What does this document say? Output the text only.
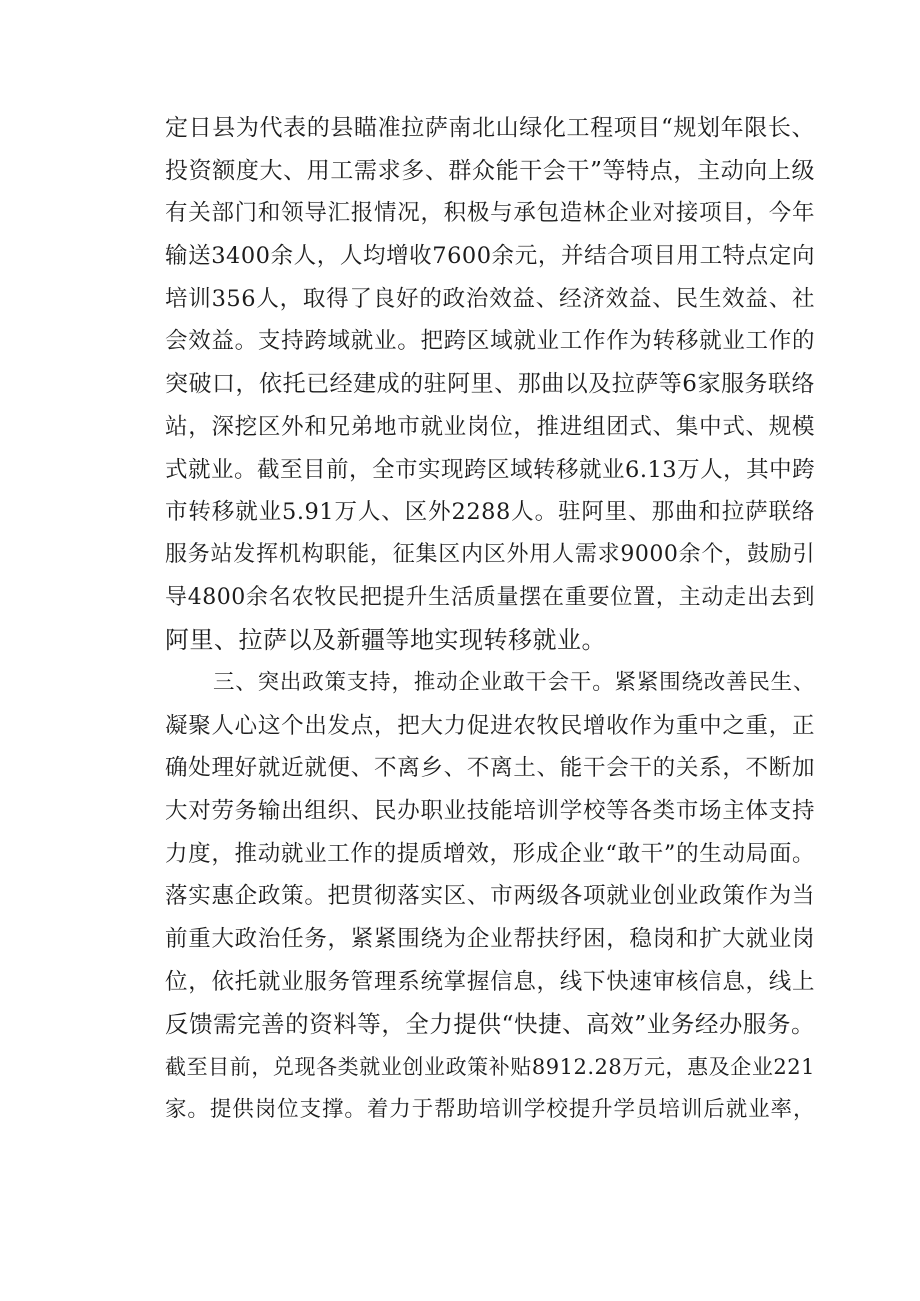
定日县为代表的县瞄准拉萨南北山绿化工程项目“规划年限长、
投资额度大、用工需求多、群众能干会干”等特点，主动向上级
有关部门和领导汇报情况，积极与承包造林企业对接项目，今年
输送3400余人，人均增收7600余元，并结合项目用工特点定向
培训356人，取得了良好的政治效益、经济效益、民生效益、社
会效益。支持跨域就业。把跨区域就业工作作为转移就业工作的
突破口，依托已经建成的驻阿里、那曲以及拉萨等6家服务联络
站，深挖区外和兄弟地市就业岗位，推进组团式、集中式、规模
式就业。截至目前，全市实现跨区域转移就业6.13万人，其中跨
市转移就业5.91万人、区外2288人。驻阿里、那曲和拉萨联络
服务站发挥机构职能，征集区内区外用人需求9000余个，鼓励引
导4800余名农牧民把提升生活质量摆在重要位置，主动走出去到
阿里、拉萨以及新疆等地实现转移就业。
三、突出政策支持，推动企业敢干会干。紧紧围绕改善民生、
凝聚人心这个出发点，把大力促进农牧民增收作为重中之重，正
确处理好就近就便、不离乡、不离土、能干会干的关系，不断加
大对劳务输出组织、民办职业技能培训学校等各类市场主体支持
力度，推动就业工作的提质增效，形成企业“敢干”的生动局面。
落实惠企政策。把贯彻落实区、市两级各项就业创业政策作为当
前重大政治任务，紧紧围绕为企业帮扶纾困，稳岗和扩大就业岗
位，依托就业服务管理系统掌握信息，线下快速审核信息，线上
反馈需完善的资料等，全力提供“快捷、高效”业务经办服务。
截至目前，兑现各类就业创业政策补贴8912.28万元，惠及企业221
家。提供岗位支撑。着力于帮助培训学校提升学员培训后就业率，
